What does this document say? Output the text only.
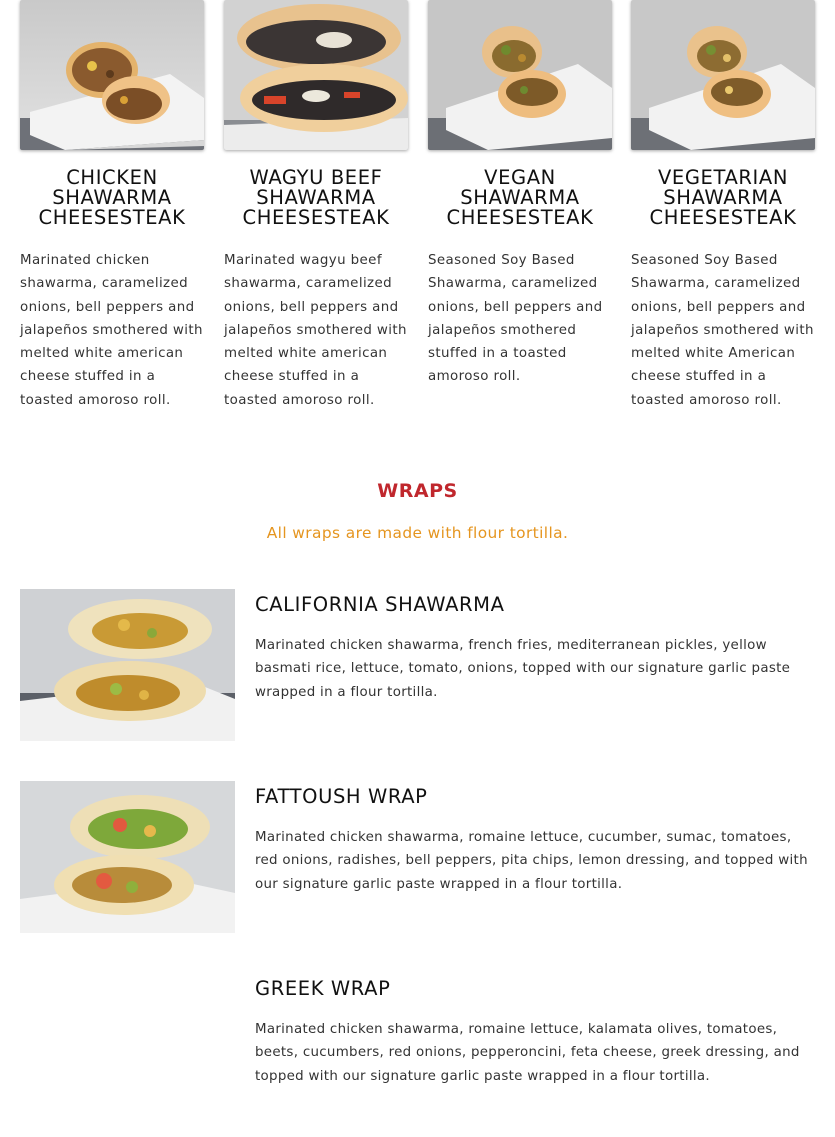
CHICKEN SHAWARMA CHEESESTEAK
Marinated chicken shawarma, caramelized onions, bell peppers and jalapeños smothered with melted white american cheese stuffed in a toasted amoroso roll.
WAGYU BEEF SHAWARMA CHEESESTEAK
Marinated wagyu beef shawarma, caramelized onions, bell peppers and jalapeños smothered with melted white american cheese stuffed in a toasted amoroso roll.
VEGAN SHAWARMA CHEESESTEAK
Seasoned Soy Based Shawarma, caramelized onions, bell peppers and jalapeños smothered stuffed in a toasted amoroso roll.
VEGETARIAN SHAWARMA CHEESESTEAK
Seasoned Soy Based Shawarma, caramelized onions, bell peppers and jalapeños smothered with melted white American cheese stuffed in a toasted amoroso roll.
WRAPS
All wraps are made with flour tortilla.
CALIFORNIA SHAWARMA
Marinated chicken shawarma, french fries, mediterranean pickles, yellow basmati rice, lettuce, tomato, onions, topped with our signature garlic paste wrapped in a flour tortilla.
FATTOUSH WRAP
Marinated chicken shawarma, romaine lettuce, cucumber, sumac, tomatoes, red onions, radishes, bell peppers, pita chips, lemon dressing, and topped with our signature garlic paste wrapped in a flour tortilla.
GREEK WRAP
Marinated chicken shawarma, romaine lettuce, kalamata olives, tomatoes, beets, cucumbers, red onions, pepperoncini, feta cheese, greek dressing, and topped with our signature garlic paste wrapped in a flour tortilla.
